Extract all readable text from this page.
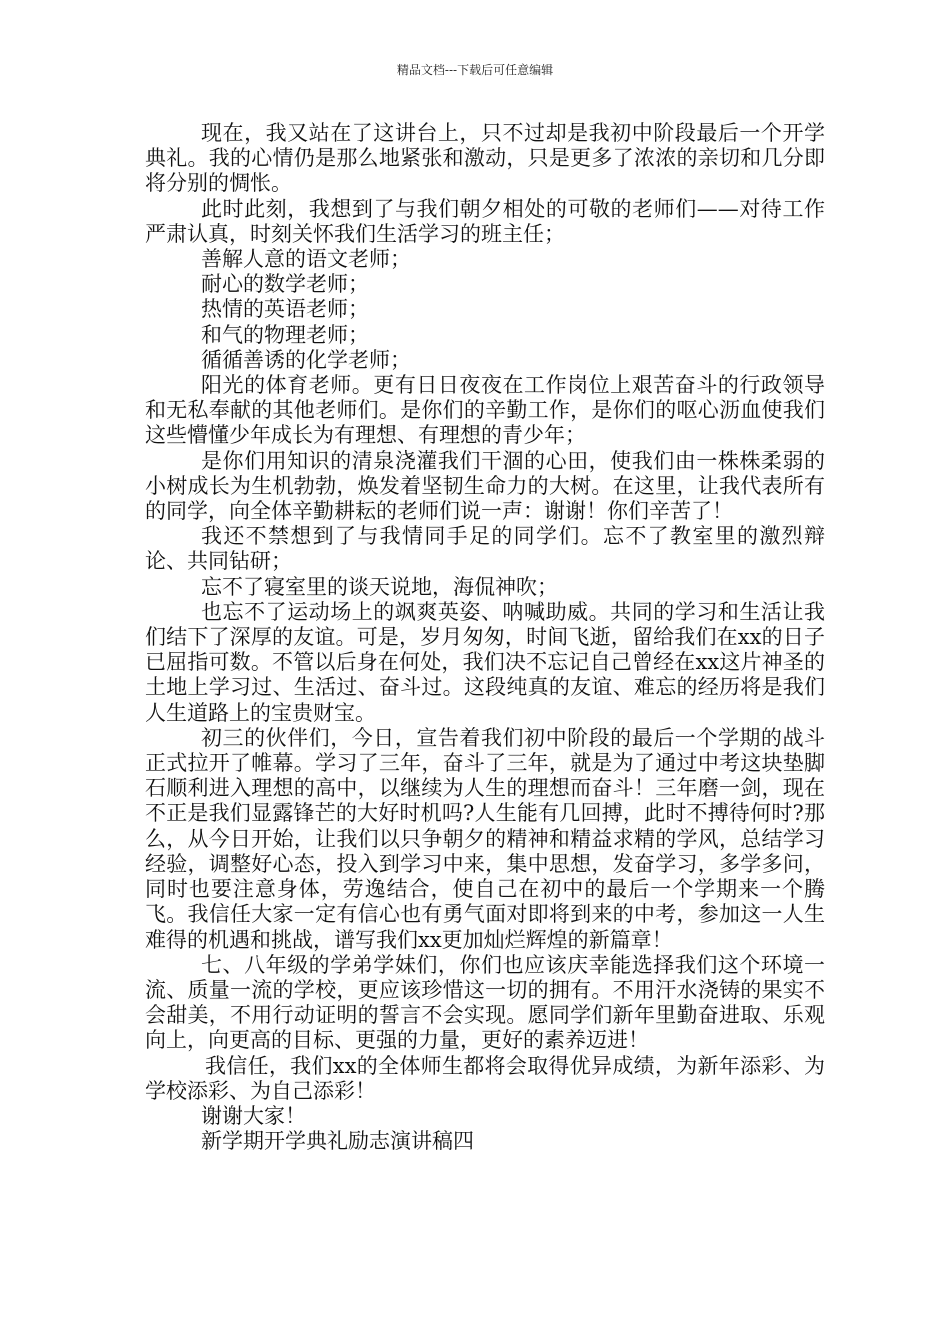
精品文档---下载后可任意编辑

现在，我又站在了这讲台上，只不过却是我初中阶段最后一个开学典礼。我的心情仍是那么地紧张和激动，只是更多了浓浓的亲切和几分即将分别的惆怅。

此时此刻，我想到了与我们朝夕相处的可敬的老师们——对待工作严肃认真，时刻关怀我们生活学习的班主任；

善解人意的语文老师；

耐心的数学老师；

热情的英语老师；

和气的物理老师；

循循善诱的化学老师；

阳光的体育老师。更有日日夜夜在工作岗位上艰苦奋斗的行政领导和无私奉献的其他老师们。是你们的辛勤工作，是你们的呕心沥血使我们这些懵懂少年成长为有理想、有理想的青少年；

是你们用知识的清泉浇灌我们干涸的心田，使我们由一株株柔弱的小树成长为生机勃勃，焕发着坚韧生命力的大树。在这里，让我代表所有的同学，向全体辛勤耕耘的老师们说一声：谢谢！你们辛苦了！

我还不禁想到了与我情同手足的同学们。忘不了教室里的激烈辩论、共同钻研；

忘不了寝室里的谈天说地，海侃神吹；

也忘不了运动场上的飒爽英姿、呐喊助威。共同的学习和生活让我们结下了深厚的友谊。可是，岁月匆匆，时间飞逝，留给我们在xx的日子已屈指可数。不管以后身在何处，我们决不忘记自己曾经在xx这片神圣的土地上学习过、生活过、奋斗过。这段纯真的友谊、难忘的经历将是我们人生道路上的宝贵财宝。

初三的伙伴们，今日，宣告着我们初中阶段的最后一个学期的战斗正式拉开了帷幕。学习了三年，奋斗了三年，就是为了通过中考这块垫脚石顺利进入理想的高中，以继续为人生的理想而奋斗！三年磨一剑，现在不正是我们显露锋芒的大好时机吗?人生能有几回搏，此时不搏待何时?那么，从今日开始，让我们以只争朝夕的精神和精益求精的学风，总结学习经验，调整好心态，投入到学习中来，集中思想，发奋学习，多学多问，同时也要注意身体，劳逸结合，使自己在初中的最后一个学期来一个腾飞。我信任大家一定有信心也有勇气面对即将到来的中考，参加这一人生难得的机遇和挑战，谱写我们xx更加灿烂辉煌的新篇章！

七、八年级的学弟学妹们，你们也应该庆幸能选择我们这个环境一流、质量一流的学校，更应该珍惜这一切的拥有。不用汗水浇铸的果实不会甜美，不用行动证明的誓言不会实现。愿同学们新年里勤奋进取、乐观向上，向更高的目标、更强的力量，更好的素养迈进！

我信任，我们xx的全体师生都将会取得优异成绩，为新年添彩、为学校添彩、为自己添彩！

谢谢大家！

新学期开学典礼励志演讲稿四
